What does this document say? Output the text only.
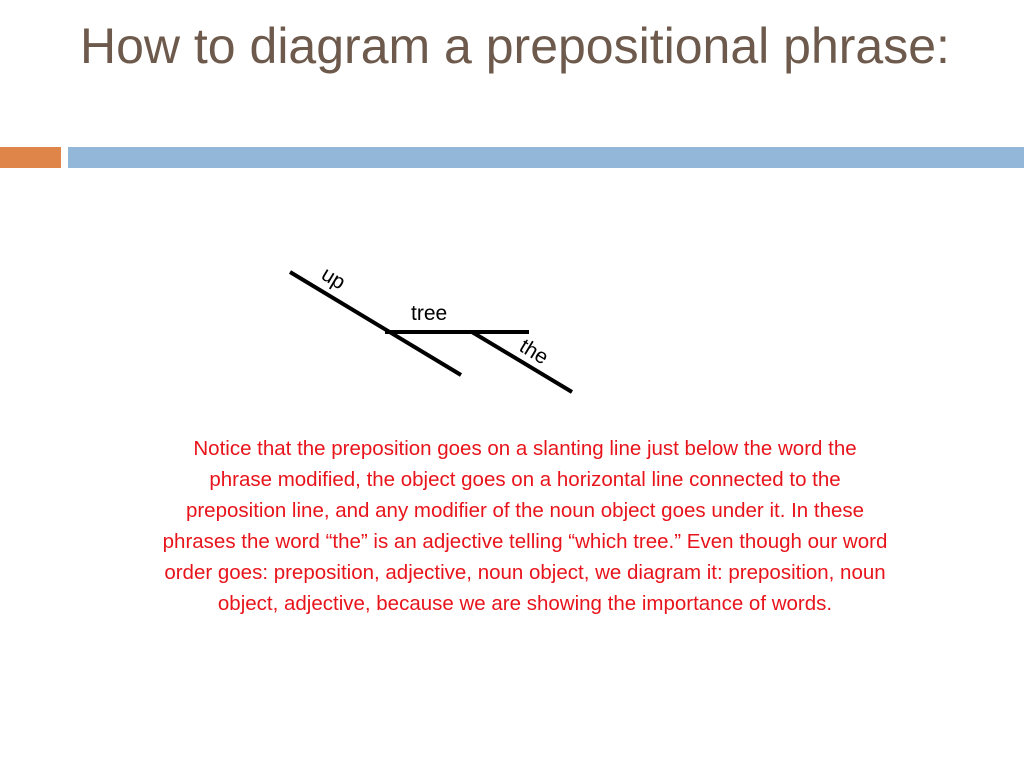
How to diagram a prepositional phrase:
up
tree
the

Notice that the preposition goes on a slanting line just below the word the phrase modified, the object goes on a horizontal line connected to the preposition line, and any modifier of the noun object goes under it. In these phrases the word “the” is an adjective telling “which tree.” Even though our word order goes: preposition, adjective, noun object, we diagram it: preposition, noun object, adjective, because we are showing the importance of words.
